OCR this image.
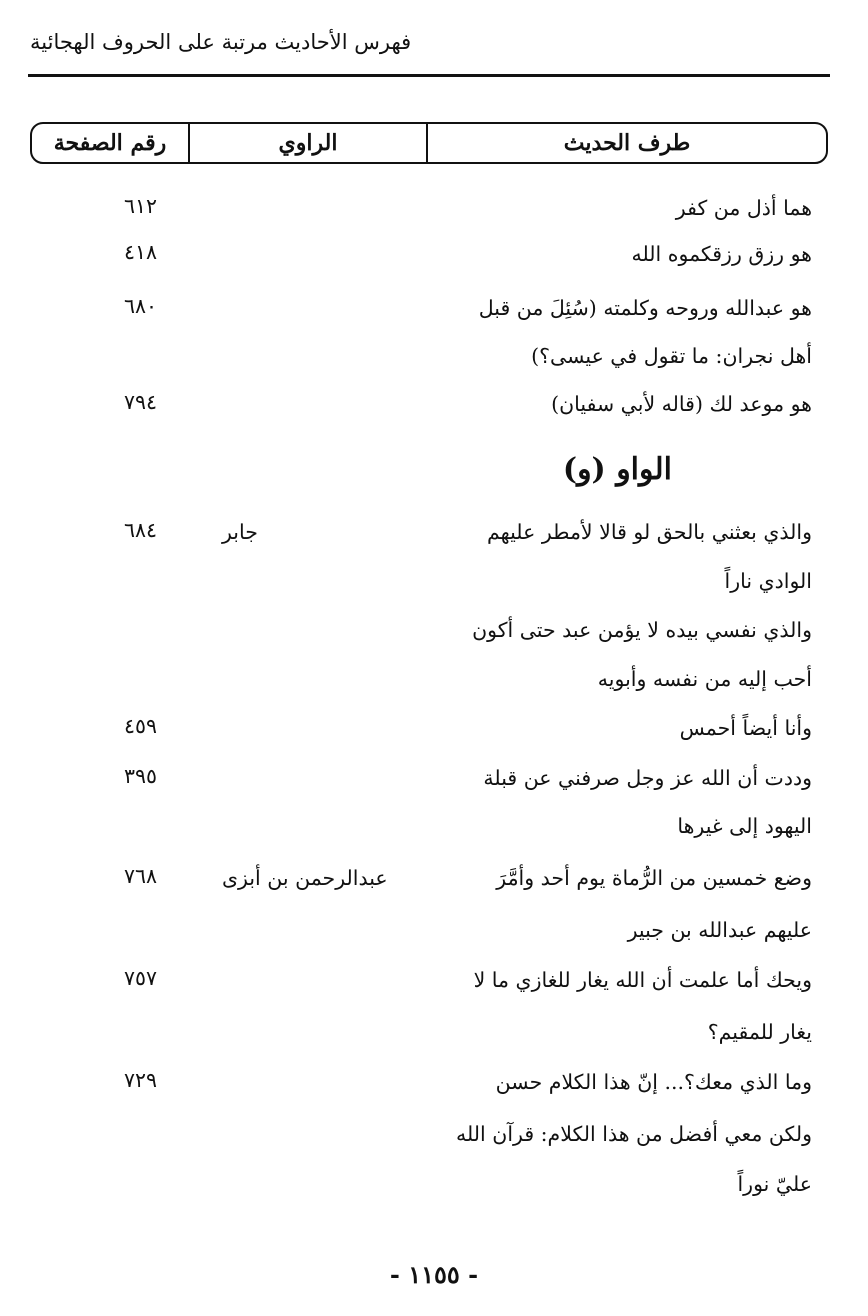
فهرس الأحاديث مرتبة على الحروف الهجائية
طرف الحديث
الراوي
رقم الصفحة
هما أذل من كفر
٦١٢
هو رزق رزقكموه الله
٤١٨
هو عبدالله وروحه وكلمته (سُئِلَ من قبل
٦٨٠
أهل نجران: ما تقول في عيسى؟)
هو موعد لك (قاله لأبي سفيان)
٧٩٤
الواو (و)
والذي بعثني بالحق لو قالا لأمطر عليهم
جابر
٦٨٤
الوادي ناراً
والذي نفسي بيده لا يؤمن عبد حتى أكون
أحب إليه من نفسه وأبويه
وأنا أيضاً أحمس
٤٥٩
وددت أن الله عز وجل صرفني عن قبلة
٣٩٥
اليهود إلى غيرها
وضع خمسين من الرُّماة يوم أحد وأمَّرَ
عبدالرحمن بن أبزى
٧٦٨
عليهم عبدالله بن جبير
ويحك أما علمت أن الله يغار للغازي ما لا
٧٥٧
يغار للمقيم؟
وما الذي معك؟... إنّ هذا الكلام حسن
٧٢٩
ولكن معي أفضل من هذا الكلام: قرآن الله
عليّ نوراً
- ١١٥٥ -
